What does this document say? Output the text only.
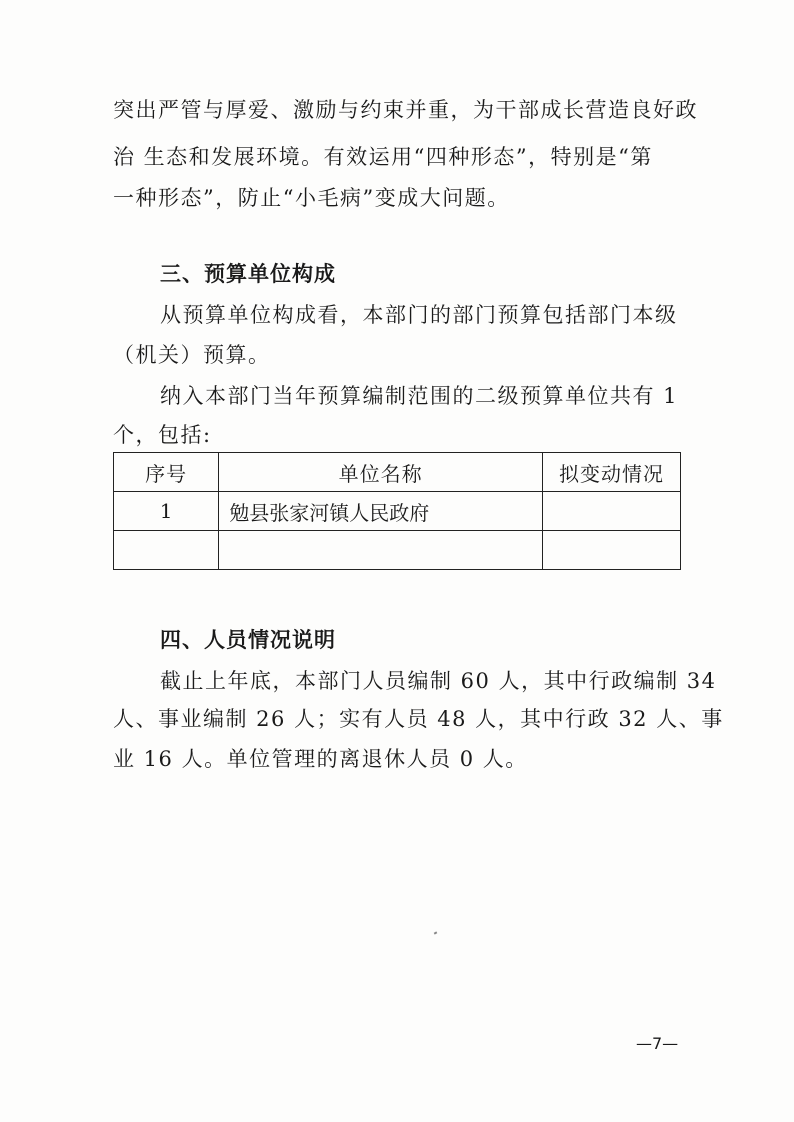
突出严管与厚爱、激励与约束并重，为干部成长营造良好政
治 生态和发展环境。有效运用“四种形态”，特别是“第
一种形态”，防止“小毛病”变成大问题。
三、预算单位构成
从预算单位构成看，本部门的部门预算包括部门本级
（机关）预算。
纳入本部门当年预算编制范围的二级预算单位共有 1
个，包括:
序号	单位名称	拟变动情况
1	勉县张家河镇人民政府	

四、人员情况说明
截止上年底，本部门人员编制 60 人，其中行政编制 34
人、事业编制 26 人；实有人员 48 人，其中行政 32 人、事
业 16 人。单位管理的离退休人员 0 人。
—7—
